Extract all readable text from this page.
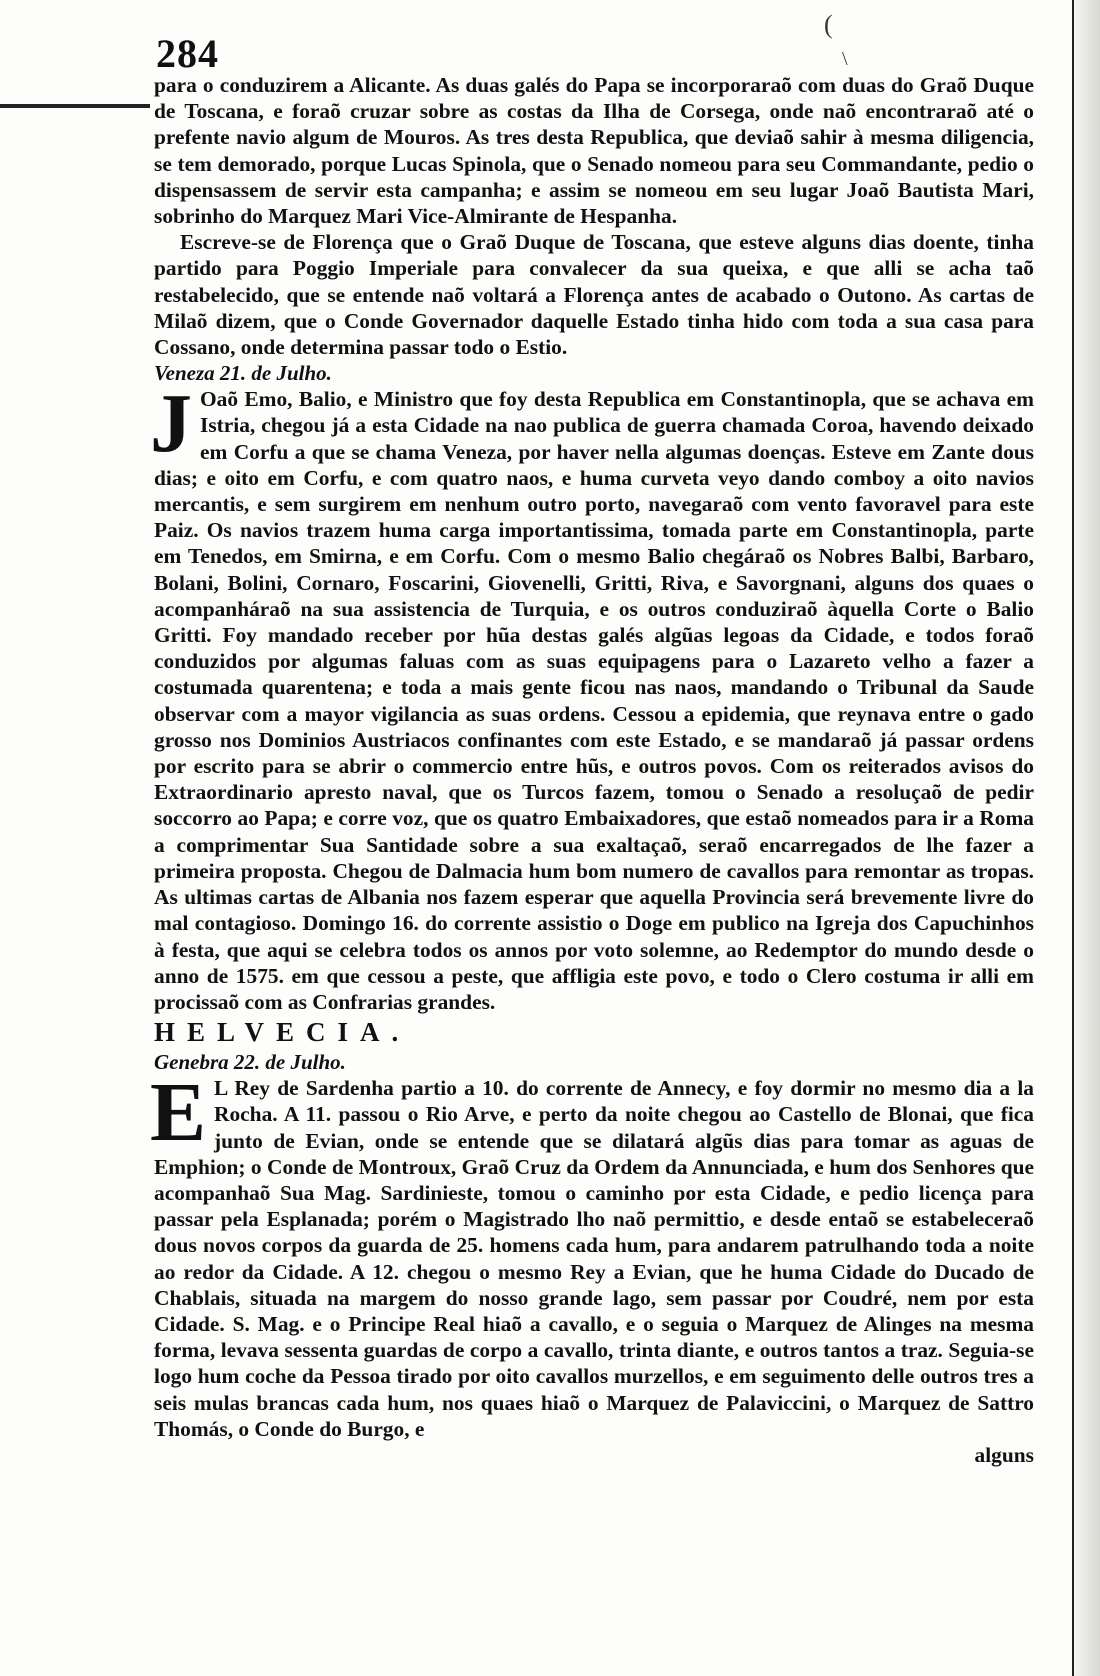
(
\
284

para o conduzirem a Alicante. As duas galés do Papa se incorporaraõ com duas do Graõ Duque de Toscana, e foraõ cruzar sobre as costas da Ilha de Corsega, onde naõ encontraraõ até o prefente navio algum de Mouros. As tres desta Republica, que deviaõ sahir à mesma diligencia, se tem demorado, porque Lucas Spinola, que o Senado nomeou para seu Commandante, pedio o dispensassem de servir esta campanha; e assim se nomeou em seu lugar Joaõ Bautista Mari, sobrinho do Marquez Mari Vice-Almirante de Hespanha.

Escreve-se de Florença que o Graõ Duque de Toscana, que esteve alguns dias doente, tinha partido para Poggio Imperiale para convalecer da sua queixa, e que alli se acha taõ restabelecido, que se entende naõ voltará a Florença antes de acabado o Outono. As cartas de Milaõ dizem, que o Conde Governador daquelle Estado tinha hido com toda a sua casa para Cossano, onde determina passar todo o Estio.

Veneza 21. de Julho.

J Oaõ Emo, Balio, e Ministro que foy desta Republica em Constantinopla, que se achava em Istria, chegou já a esta Cidade na nao publica de guerra chamada Coroa, havendo deixado em Corfu a que se chama Veneza, por haver nella algumas doenças. Esteve em Zante dous dias; e oito em Corfu, e com quatro naos, e huma curveta veyo dando comboy a oito navios mercantis, e sem surgirem em nenhum outro porto, navegaraõ com vento favoravel para este Paiz. Os navios trazem huma carga importantissima, tomada parte em Constantinopla, parte em Tenedos, em Smirna, e em Corfu. Com o mesmo Balio chegáraõ os Nobres Balbi, Barbaro, Bolani, Bolini, Cornaro, Foscarini, Giovenelli, Gritti, Riva, e Savorgnani, alguns dos quaes o acompanháraõ na sua assistencia de Turquia, e os outros conduziraõ àquella Corte o Balio Gritti. Foy mandado receber por hũa destas galés algũas legoas da Cidade, e todos foraõ conduzidos por algumas faluas com as suas equipagens para o Lazareto velho a fazer a costumada quarentena; e toda a mais gente ficou nas naos, mandando o Tribunal da Saude observar com a mayor vigilancia as suas ordens. Cessou a epidemia, que reynava entre o gado grosso nos Dominios Austriacos confinantes com este Estado, e se mandaraõ já passar ordens por escrito para se abrir o commercio entre hũs, e outros povos. Com os reiterados avisos do Extraordinario apresto naval, que os Turcos fazem, tomou o Senado a resoluçaõ de pedir soccorro ao Papa; e corre voz, que os quatro Embaixadores, que estaõ nomeados para ir a Roma a comprimentar Sua Santidade sobre a sua exaltaçaõ, seraõ encarregados de lhe fazer a primeira proposta. Chegou de Dalmacia hum bom numero de cavallos para remontar as tropas. As ultimas cartas de Albania nos fazem esperar que aquella Provincia será brevemente livre do mal contagioso. Domingo 16. do corrente assistio o Doge em publico na Igreja dos Capuchinhos à festa, que aqui se celebra todos os annos por voto solemne, ao Redemptor do mundo desde o anno de 1575. em que cessou a peste, que affligia este povo, e todo o Clero costuma ir alli em procissaõ com as Confrarias grandes.

HELVECIA.

Genebra 22. de Julho.

E L Rey de Sardenha partio a 10. do corrente de Annecy, e foy dormir no mesmo dia a la Rocha. A 11. passou o Rio Arve, e perto da noite chegou ao Castello de Blonai, que fica junto de Evian, onde se entende que se dilatará algũs dias para tomar as aguas de Emphion; o Conde de Montroux, Graõ Cruz da Ordem da Annunciada, e hum dos Senhores que acompanhaõ Sua Mag. Sardinieste, tomou o caminho por esta Cidade, e pedio licença para passar pela Esplanada; porém o Magistrado lho naõ permittio, e desde entaõ se estabeleceraõ dous novos corpos da guarda de 25. homens cada hum, para andarem patrulhando toda a noite ao redor da Cidade. A 12. chegou o mesmo Rey a Evian, que he huma Cidade do Ducado de Chablais, situada na margem do nosso grande lago, sem passar por Coudré, nem por esta Cidade. S. Mag. e o Principe Real hiaõ a cavallo, e o seguia o Marquez de Alinges na mesma forma, levava sessenta guardas de corpo a cavallo, trinta diante, e outros tantos a traz. Seguia-se logo hum coche da Pessoa tirado por oito cavallos murzellos, e em seguimento delle outros tres a seis mulas brancas cada hum, nos quaes hiaõ o Marquez de Palaviccini, o Marquez de Sattro Thomás, o Conde do Burgo, e

alguns
